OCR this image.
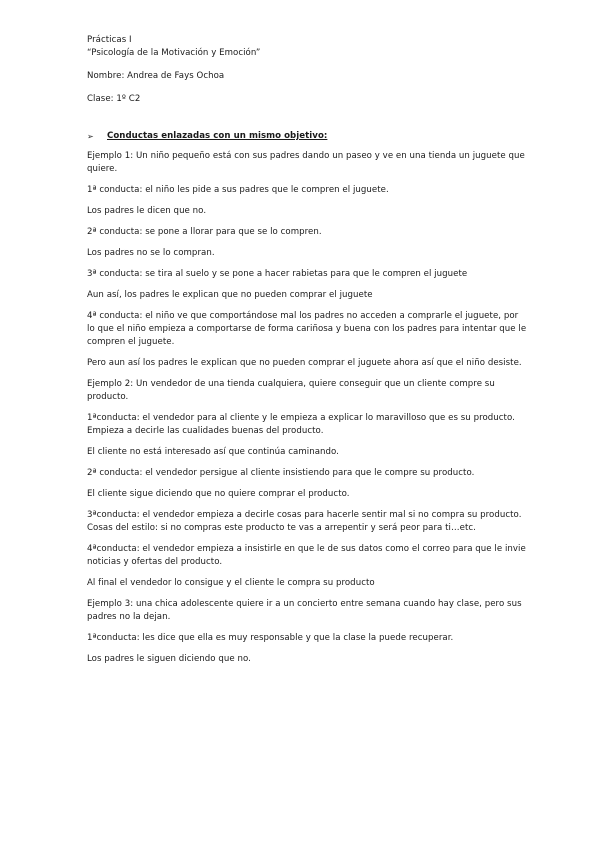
Prácticas I
“Psicología de la Motivación y Emoción”
Nombre: Andrea de Fays Ochoa
Clase: 1º C2
➢ Conductas enlazadas con un mismo objetivo:

Ejemplo 1: Un niño pequeño está con sus padres dando un paseo y ve en una tienda un juguete que quiere.

1ª conducta: el niño les pide a sus padres que le compren el juguete.

Los padres le dicen que no.

2ª conducta: se pone a llorar para que se lo compren.

Los padres no se lo compran.

3ª conducta: se tira al suelo y se pone a hacer rabietas para que le compren el juguete

Aun así, los padres le explican que no pueden comprar el juguete

4ª conducta: el niño ve que comportándose mal los padres no acceden a comprarle el juguete, por lo que el niño empieza a comportarse de forma cariñosa y buena con los padres para intentar que le compren el juguete.

Pero aun así los padres le explican que no pueden comprar el juguete ahora así que el niño desiste.

Ejemplo 2: Un vendedor de una tienda cualquiera, quiere conseguir que un cliente compre su producto.

1ªconducta: el vendedor para al cliente y le empieza a explicar lo maravilloso que es su producto. Empieza a decirle las cualidades buenas del producto.

El cliente no está interesado así que continúa caminando.

2ª conducta: el vendedor persigue al cliente insistiendo para que le compre su producto.

El cliente sigue diciendo que no quiere comprar el producto.

3ªconducta: el vendedor empieza a decirle cosas para hacerle sentir mal si no compra su producto. Cosas del estilo: si no compras este producto te vas a arrepentir y será peor para ti…etc.

4ªconducta: el vendedor empieza a insistirle en que le de sus datos como el correo para que le invie noticias y ofertas del producto.

Al final el vendedor lo consigue y el cliente le compra su producto

Ejemplo 3: una chica adolescente quiere ir a un concierto entre semana cuando hay clase, pero sus padres no la dejan.

1ªconducta: les dice que ella es muy responsable y que la clase la puede recuperar.

Los padres le siguen diciendo que no.
